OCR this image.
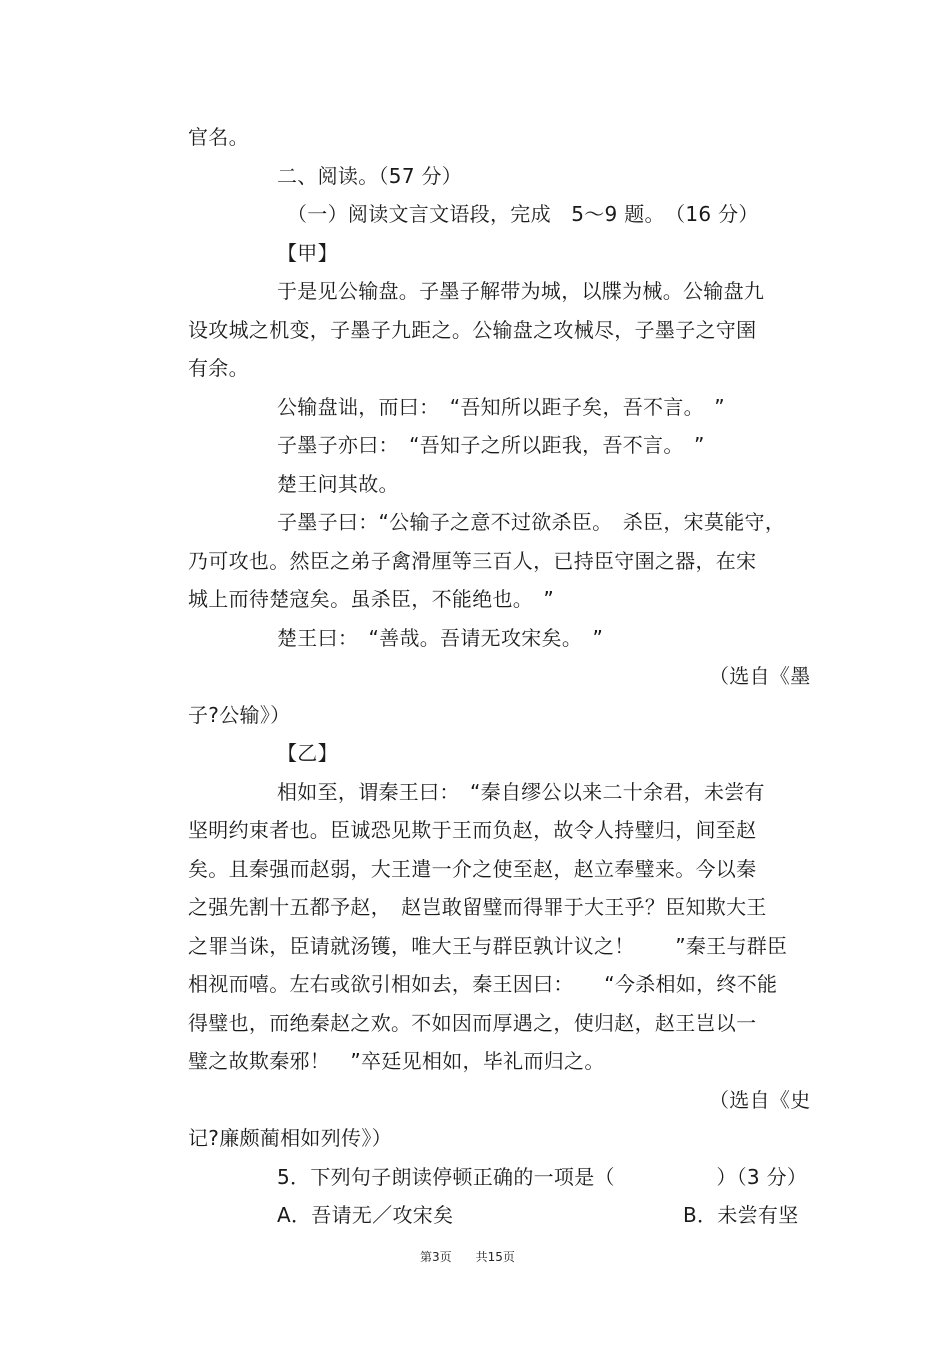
官名。
二、阅读。（57 分）
（一）阅读文言文语段，完成　5～9 题。　（16 分）
【甲】
于是见公输盘。子墨子解带为城，以牒为械。公输盘九
设攻城之机变，子墨子九距之。公输盘之攻械尽，子墨子之守圉
有余。
公输盘诎，而曰：　“吾知所以距子矣，吾不言。　”
子墨子亦曰：　“吾知子之所以距我，吾不言。　”
楚王问其故。
子墨子曰：“公输子之意不过欲杀臣。　杀臣，宋莫能守，
乃可攻也。然臣之弟子禽滑厘等三百人，已持臣守圉之器，在宋
城上而待楚寇矣。虽杀臣，不能绝也。　”
楚王曰：　“善哉。吾请无攻宋矣。　”
（选自《墨
子?公输》）
【乙】
相如至，谓秦王曰：　“秦自缪公以来二十余君，未尝有
坚明约束者也。臣诚恐见欺于王而负赵，故令人持璧归，间至赵
矣。且秦强而赵弱，大王遣一介之使至赵，赵立奉璧来。今以秦
之强先割十五都予赵，　赵岂敢留璧而得罪于大王乎？臣知欺大王
之罪当诛，臣请就汤镬，唯大王与群臣孰计议之！　　”秦王与群臣
相视而嘻。左右或欲引相如去，秦王因曰：　　“今杀相如，终不能
得璧也，而绝秦赵之欢。不如因而厚遇之，使归赵，赵王岂以一
璧之故欺秦邪！　”卒廷见相如，毕礼而归之。
（选自《史
记?廉颇蔺相如列传》）
5．下列句子朗读停顿正确的一项是（　　　　　）（3 分）
A．吾请无／攻宋矣	B．未尝有坚
第3页　　共15页
